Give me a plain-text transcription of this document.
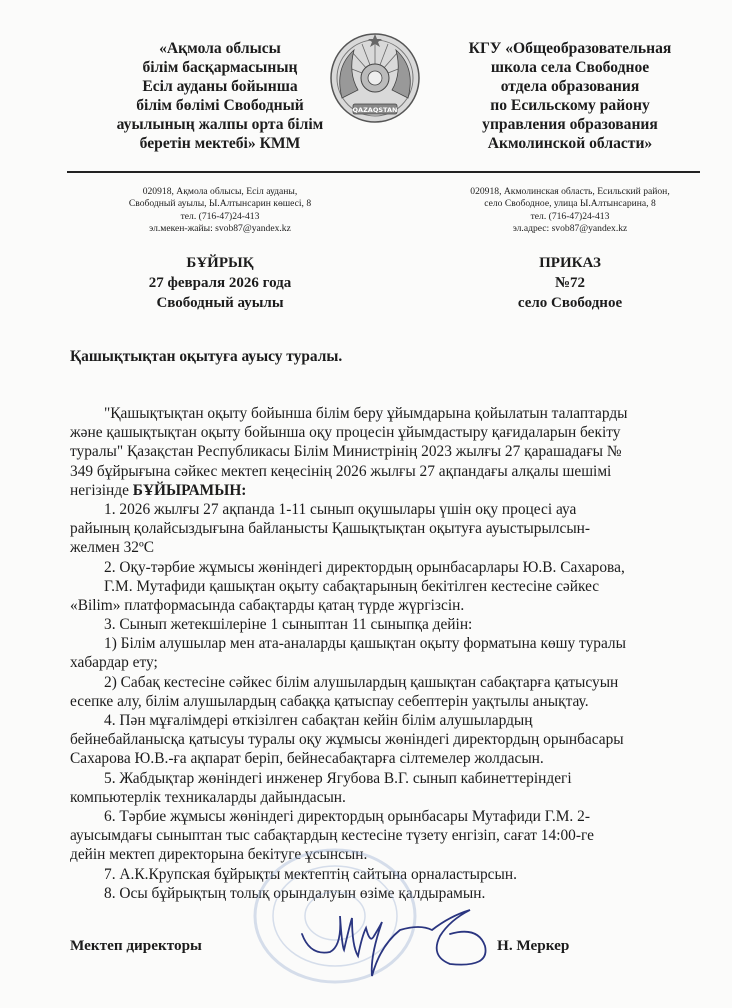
«Ақмола облысы
білім басқармасының
Есіл ауданы бойынша
білім бөлімі Свободный
ауылының жалпы орта білім
беретін мектебі» КММ
QAZAQSTAN
КГУ «Общеобразовательная
школа села Свободное
отдела образования
по Есильскому району
управления образования
Акмолинской области»
020918, Ақмола облысы, Есіл ауданы,
Свободный ауылы, Ы.Алтынсарин көшесі, 8
тел. (716-47)24-413
эл.мекен-жайы: svob87@yandex.kz
020918, Акмолинская область, Есильский район,
село Свободное, улица Ы.Алтынсарина, 8
тел. (716-47)24-413
эл.адрес: svob87@yandex.kz
БҰЙРЫҚ
27 февраля 2026 года
Свободный ауылы
ПРИКАЗ
№72
село Свободное
Қашықтықтан оқытуға ауысу туралы.
"Қашықтықтан оқыту бойынша білім беру ұйымдарына қойылатын талаптарды
және қашықтықтан оқыту бойынша оқу процесін ұйымдастыру қағидаларын бекіту
туралы" Қазақстан Республикасы Білім Министрінің 2023 жылғы 27 қарашадағы №
349 бұйрығына сәйкес мектеп кеңесінің 2026 жылғы 27 ақпандағы алқалы шешімі
негізінде БҰЙЫРАМЫН:
1. 2026 жылғы 27 ақпанда 1-11 сынып оқушылары үшін оқу процесі ауа
райының қолайсыздығына байланысты Қашықтықтан оқытуға ауыстырылсын-
желмен 32ºC
2. Оқу-тәрбие жұмысы жөніндегі директордың орынбасарлары Ю.В. Сахарова,
Г.М. Мутафиди қашықтан оқыту сабақтарының бекітілген кестесіне сәйкес
«Bilim» платформасында сабақтарды қатаң түрде жүргізсін.
3. Сынып жетекшілеріне 1 сыныптан 11 сыныпқа дейін:
1) Білім алушылар мен ата-аналарды қашықтан оқыту форматына көшу туралы
хабардар ету;
2) Сабақ кестесіне сәйкес білім алушылардың қашықтан сабақтарға қатысуын
есепке алу, білім алушылардың сабаққа қатыспау себептерін уақтылы анықтау.
4. Пән мұғалімдері өткізілген сабақтан кейін білім алушылардың
бейнебайланысқа қатысуы туралы оқу жұмысы жөніндегі директордың орынбасары
Сахарова Ю.В.-ға ақпарат беріп, бейнесабақтарға сілтемелер жолдасын.
5. Жабдықтар жөніндегі инженер Ягубова В.Г. сынып кабинеттеріндегі
компьютерлік техникаларды дайындасын.
6. Тәрбие жұмысы жөніндегі директордың орынбасары Мутафиди Г.М. 2-
ауысымдағы сыныптан тыс сабақтардың кестесіне түзету енгізіп, сағат 14:00-ге
дейін мектеп директорына бекітуге ұсынсын.
7. А.К.Крупская бұйрықты мектептің сайтына орналастырсын.
8. Осы бұйрықтың толық орындалуын өзіме қалдырамын.
Мектеп директоры	Н. Меркер
